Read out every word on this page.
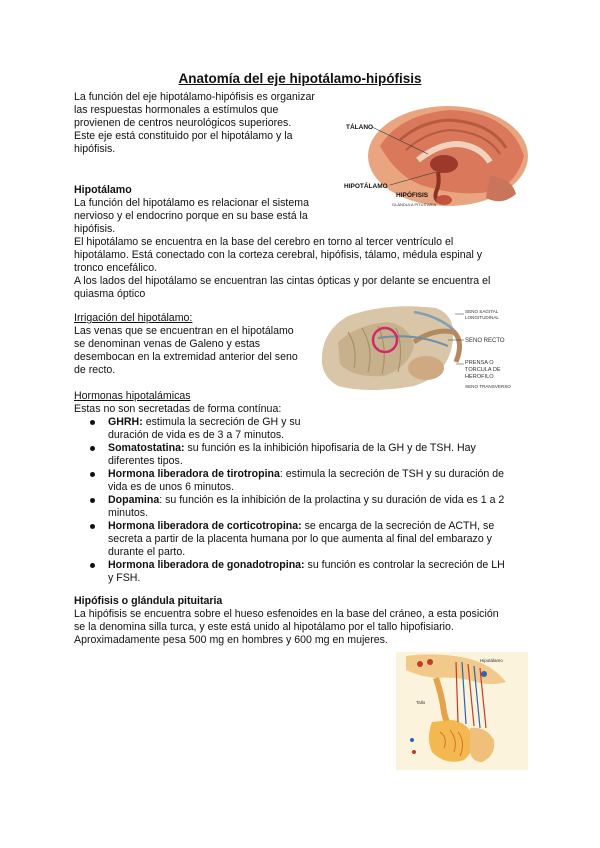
Anatomía del eje hipotálamo-hipófisis

La función del eje hipotálamo-hipófisis es organizar

las respuestas hormonales a estímulos que

provienen de centros neurológicos superiores.

Este eje está constituido por el hipotálamo y la

hipófisis.

TÁLANO
HIPOTÁLAMO
HIPÓFISIS
GLÁNDULA PITUITARIA

Hipotálamo

La función del hipotálamo es relacionar el sistema

nervioso y el endocrino porque en su base está la

hipófisis.

El hipotálamo se encuentra en la base del cerebro en torno al tercer ventrículo el

hipotálamo. Está conectado con la corteza cerebral, hipófisis, tálamo, médula espinal y

tronco encefálico.

A los lados del hipotálamo se encuentran las cintas ópticas y por delante se encuentra el

quiasma óptico

Irrigación del hipotálamo:

Las venas que se encuentran en el hipotálamo

se denominan venas de Galeno y estas

desembocan en la extremidad anterior del seno

de recto.

SENO SAGITAL
LONGITUDINAL
SENO RECTO
PRENSA O
TORCULA DE
HEROFILO
SENO TRANSVERSO

Hormonas hipotalámicas

Estas no son secretadas de forma contínua:

GHRH: estimula la secreción de GH y su
duración de vida es de 3 a 7 minutos.
Somatostatina: su función es la inhibición hipofisaria de la GH y de TSH. Hay
diferentes tipos.
Hormona liberadora de tirotropina: estimula la secreción de TSH y su duración de
vida es de unos 6 minutos.
Dopamina: su función es la inhibición de la prolactina y su duración de vida es 1 a 2
minutos.
Hormona liberadora de corticotropina: se encarga de la secreción de ACTH, se
secreta a partir de la placenta humana por lo que aumenta al final del embarazo y
durante el parto.
Hormona liberadora de gonadotropina: su función es controlar la secreción de LH
y FSH.

Hipófisis o glándula pituitaria

La hipófisis se encuentra sobre el hueso esfenoides en la base del cráneo, a esta posición

se la denomina silla turca, y este está unido al hipotálamo por el tallo hipofisiario.

Aproximadamente pesa 500 mg en hombres y 600 mg en mujeres.

Hipotálamo
Tallo
